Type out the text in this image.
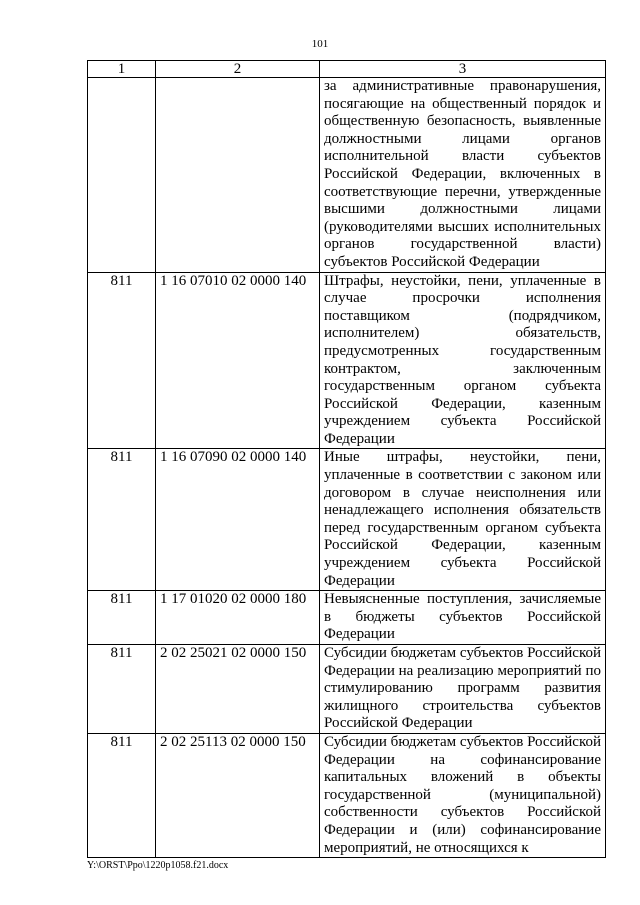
101
1	2	3
		за административные правонарушения, посягающие на общественный порядок и общественную безопасность, выявленные должностными лицами органов исполнительной власти субъектов Российской Федерации, включенных в соответствующие перечни, утвержденные высшими должностными лицами (руководителями высших исполнительных органов государственной власти) субъектов Российской Федерации
811	1 16 07010 02 0000 140	Штрафы, неустойки, пени, уплаченные в случае просрочки исполнения поставщиком (подрядчиком, исполнителем) обязательств, предусмотренных государственным контрактом, заключенным государственным органом субъекта Российской Федерации, казенным учреждением субъекта Российской Федерации
811	1 16 07090 02 0000 140	Иные штрафы, неустойки, пени, уплаченные в соответствии с законом или договором в случае неисполнения или ненадлежащего исполнения обязательств перед государственным органом субъекта Российской Федерации, казенным учреждением субъекта Российской Федерации
811	1 17 01020 02 0000 180	Невыясненные поступления, зачисляемые в бюджеты субъектов Российской Федерации
811	2 02 25021 02 0000 150	Субсидии бюджетам субъектов Российской Федерации на реализацию мероприятий по стимулированию программ развития жилищного строительства субъектов Российской Федерации
811	2 02 25113 02 0000 150	Субсидии бюджетам субъектов Российской Федерации на софинансирование капитальных вложений в объекты государственной (муниципальной) собственности субъектов Российской Федерации и (или) софинансирование мероприятий, не относящихся к
Y:\ORST\Ppo\1220p1058.f21.docx
